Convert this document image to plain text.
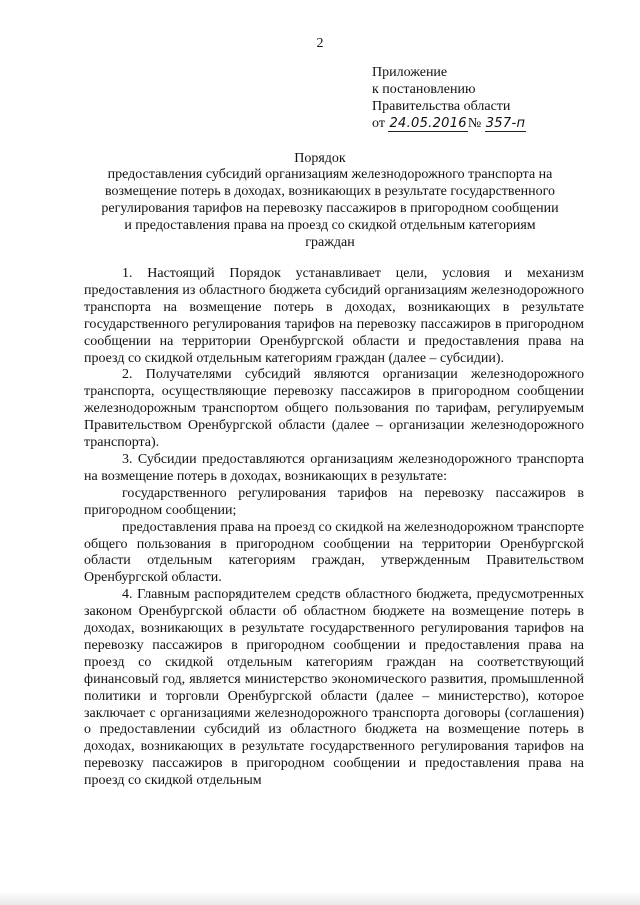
2
Приложение
к постановлению
Правительства области
от 24.05.2016№ 357-п
Порядок
предоставления субсидий организациям железнодорожного транспорта на
возмещение потерь в доходах, возникающих в результате государственного
регулирования тарифов на перевозку пассажиров в пригородном сообщении
и предоставления права на проезд со скидкой отдельным категориям
граждан

1. Настоящий Порядок устанавливает цели, условия и механизм предоставления из областного бюджета субсидий организациям железнодорожного транспорта на возмещение потерь в доходах, возникающих в результате государственного регулирования тарифов на перевозку пассажиров в пригородном сообщении на территории Оренбургской области и предоставления права на проезд со скидкой отдельным категориям граждан (далее – субсидии).

2. Получателями субсидий являются организации железнодорожного транспорта, осуществляющие перевозку пассажиров в пригородном сообщении железнодорожным транспортом общего пользования по тарифам, регулируемым Правительством Оренбургской области (далее – организации железнодорожного транспорта).

3. Субсидии предоставляются организациям железнодорожного транспорта на возмещение потерь в доходах, возникающих в результате:

государственного регулирования тарифов на перевозку пассажиров в пригородном сообщении;

предоставления права на проезд со скидкой на железнодорожном транспорте общего пользования в пригородном сообщении на территории Оренбургской области отдельным категориям граждан, утвержденным Правительством Оренбургской области.

4. Главным распорядителем средств областного бюджета, предусмотренных законом Оренбургской области об областном бюджете на возмещение потерь в доходах, возникающих в результате государственного регулирования тарифов на перевозку пассажиров в пригородном сообщении и предоставления права на проезд со скидкой отдельным категориям граждан на соответствующий финансовый год, является министерство экономического развития, промышленной политики и торговли Оренбургской области (далее – министерство), которое заключает с организациями железнодорожного транспорта договоры (соглашения) о предоставлении субсидий из областного бюджета на возмещение потерь в доходах, возникающих в результате государственного регулирования тарифов на перевозку пассажиров в пригородном сообщении и предоставления права на проезд со скидкой отдельным
